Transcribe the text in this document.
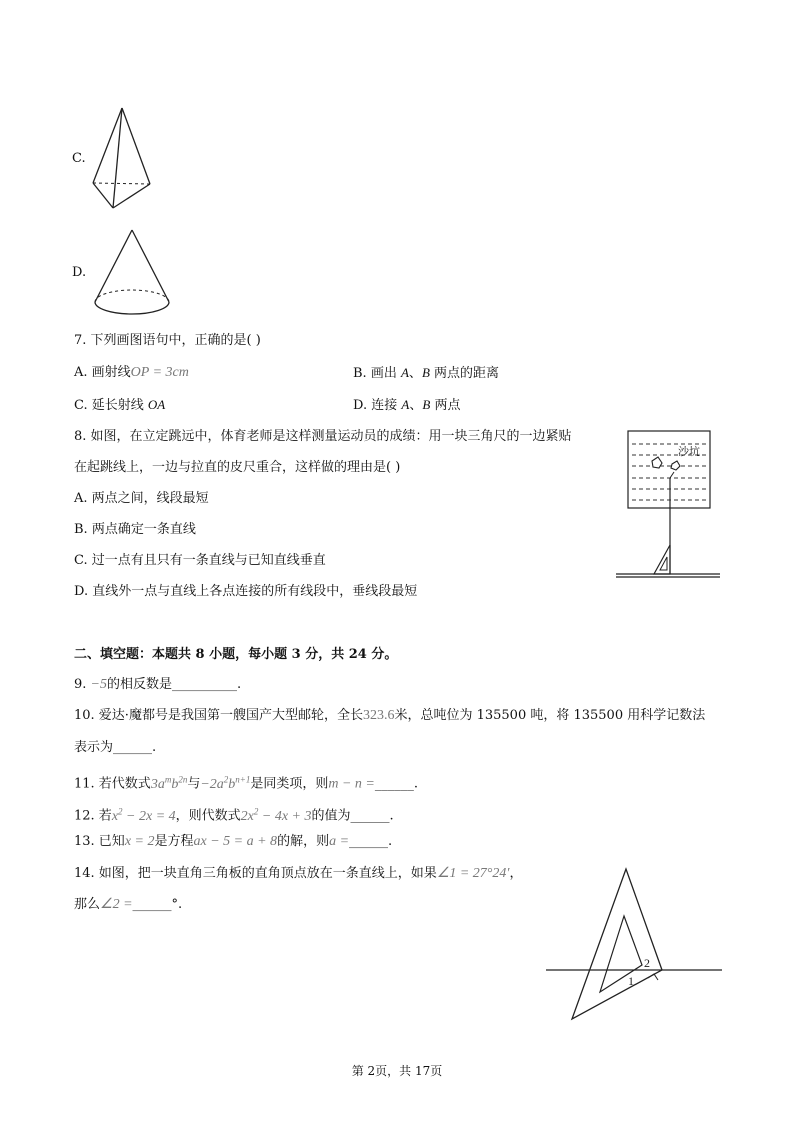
C.
D.
7. 下列画图语句中，正确的是( )
A. 画射线OP = 3cm	B. 画出 A、B 两点的距离
C. 延长射线 OA	D. 连接 A、B 两点
8. 如图，在立定跳远中，体育老师是这样测量运动员的成绩：用一块三角尺的一边紧贴
在起跳线上，一边与拉直的皮尺重合，这样做的理由是( )
A. 两点之间，线段最短
B. 两点确定一条直线
C. 过一点有且只有一条直线与已知直线垂直
D. 直线外一点与直线上各点连接的所有线段中，垂线段最短
沙坑
二、填空题：本题共 8 小题，每小题 3 分，共 24 分。
9. −5的相反数是__________.
10. 爱达·魔都号是我国第一艘国产大型邮轮，全长323.6米，总吨位为 135500 吨，将 135500 用科学记数法
表示为______.
11. 若代数式$3a^mb^{2n}$与$-2a^2b^{n+1}$是同类项，则m − n =______.
12. 若$x^2 - 2x = 4$，则代数式$2x^2 - 4x + 3$的值为______.
13. 已知x = 2是方程ax − 5 = a + 8的解，则a =______.
14. 如图，把一块直角三角板的直角顶点放在一条直线上，如果∠1 = 27°24′，
那么∠2 =______°.
1
2
第 2页，共 17页
